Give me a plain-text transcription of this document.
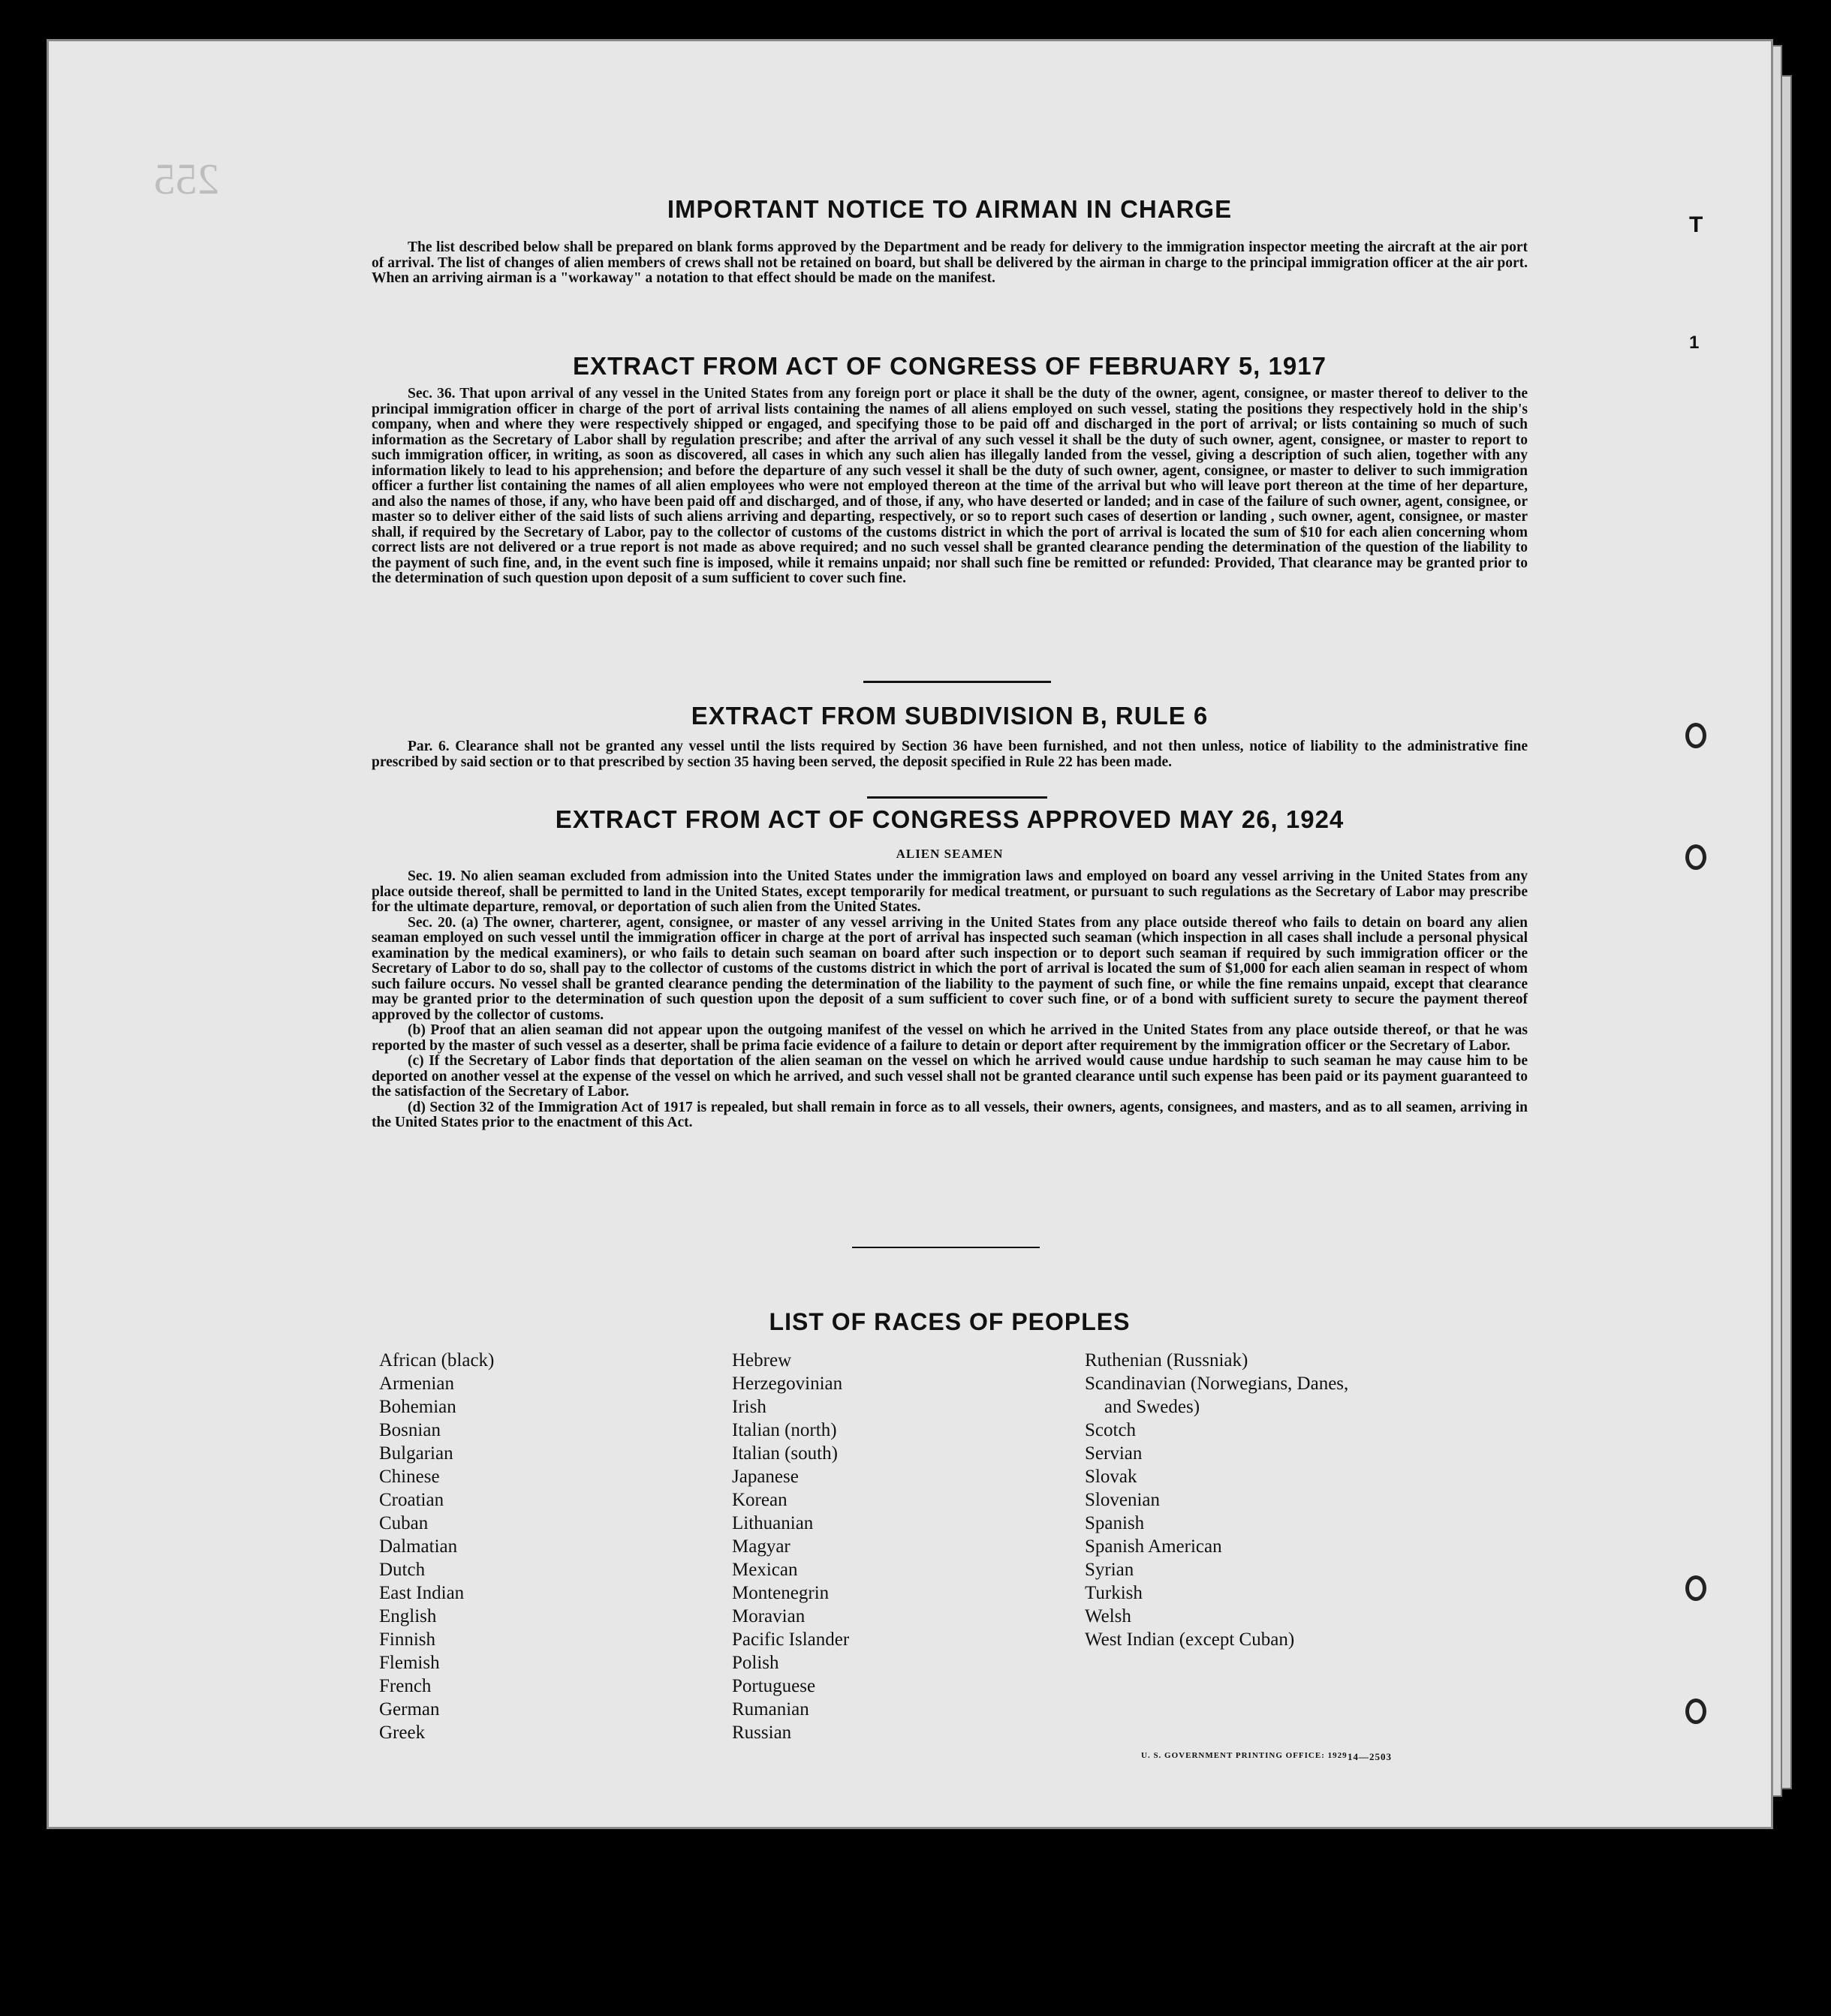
255
IMPORTANT NOTICE TO AIRMAN IN CHARGE

The list described below shall be prepared on blank forms approved by the Department and be ready for delivery to the immigration inspector meeting the aircraft at the air port of arrival. The list of changes of alien members of crews shall not be retained on board, but shall be delivered by the airman in charge to the principal immigration officer at the air port. When an arriving airman is a "workaway" a notation to that effect should be made on the manifest.

EXTRACT FROM ACT OF CONGRESS OF FEBRUARY 5, 1917

Sec. 36. That upon arrival of any vessel in the United States from any foreign port or place it shall be the duty of the owner, agent, consignee, or master thereof to deliver to the principal immigration officer in charge of the port of arrival lists containing the names of all aliens employed on such vessel, stating the positions they respectively hold in the ship's company, when and where they were respectively shipped or engaged, and specifying those to be paid off and discharged in the port of arrival; or lists containing so much of such information as the Secretary of Labor shall by regulation prescribe; and after the arrival of any such vessel it shall be the duty of such owner, agent, consignee, or master to report to such immigration officer, in writing, as soon as discovered, all cases in which any such alien has illegally landed from the vessel, giving a description of such alien, together with any information likely to lead to his apprehension; and before the departure of any such vessel it shall be the duty of such owner, agent, consignee, or master to deliver to such immigration officer a further list containing the names of all alien employees who were not employed thereon at the time of the arrival but who will leave port thereon at the time of her departure, and also the names of those, if any, who have been paid off and discharged, and of those, if any, who have deserted or landed; and in case of the failure of such owner, agent, consignee, or master so to deliver either of the said lists of such aliens arriving and departing, respectively, or so to report such cases of desertion or landing , such owner, agent, consignee, or master shall, if required by the Secretary of Labor, pay to the collector of customs of the customs district in which the port of arrival is located the sum of $10 for each alien concerning whom correct lists are not delivered or a true report is not made as above required; and no such vessel shall be granted clearance pending the determination of the question of the liability to the payment of such fine, and, in the event such fine is imposed, while it remains unpaid; nor shall such fine be remitted or refunded: Provided, That clearance may be granted prior to the determination of such question upon deposit of a sum sufficient to cover such fine.

EXTRACT FROM SUBDIVISION B, RULE 6

Par. 6. Clearance shall not be granted any vessel until the lists required by Section 36 have been furnished, and not then unless, notice of liability to the administrative fine prescribed by said section or to that prescribed by section 35 having been served, the deposit specified in Rule 22 has been made.

EXTRACT FROM ACT OF CONGRESS APPROVED MAY 26, 1924
ALIEN SEAMEN

Sec. 19. No alien seaman excluded from admission into the United States under the immigration laws and employed on board any vessel arriving in the United States from any place outside thereof, shall be permitted to land in the United States, except temporarily for medical treatment, or pursuant to such regulations as the Secretary of Labor may prescribe for the ultimate departure, removal, or deportation of such alien from the United States.

Sec. 20. (a) The owner, charterer, agent, consignee, or master of any vessel arriving in the United States from any place outside thereof who fails to detain on board any alien seaman employed on such vessel until the immigration officer in charge at the port of arrival has inspected such seaman (which inspection in all cases shall include a personal physical examination by the medical examiners), or who fails to detain such seaman on board after such inspection or to deport such seaman if required by such immigration officer or the Secretary of Labor to do so, shall pay to the collector of customs of the customs district in which the port of arrival is located the sum of $1,000 for each alien seaman in respect of whom such failure occurs. No vessel shall be granted clearance pending the determination of the liability to the payment of such fine, or while the fine remains unpaid, except that clearance may be granted prior to the determination of such question upon the deposit of a sum sufficient to cover such fine, or of a bond with sufficient surety to secure the payment thereof approved by the collector of customs.

(b) Proof that an alien seaman did not appear upon the outgoing manifest of the vessel on which he arrived in the United States from any place outside thereof, or that he was reported by the master of such vessel as a deserter, shall be prima facie evidence of a failure to detain or deport after requirement by the immigration officer or the Secretary of Labor.

(c) If the Secretary of Labor finds that deportation of the alien seaman on the vessel on which he arrived would cause undue hardship to such seaman he may cause him to be deported on another vessel at the expense of the vessel on which he arrived, and such vessel shall not be granted clearance until such expense has been paid or its payment guaranteed to the satisfaction of the Secretary of Labor.

(d) Section 32 of the Immigration Act of 1917 is repealed, but shall remain in force as to all vessels, their owners, agents, consignees, and masters, and as to all seamen, arriving in the United States prior to the enactment of this Act.

LIST OF RACES OF PEOPLES
African (black)
Armenian
Bohemian
Bosnian
Bulgarian
Chinese
Croatian
Cuban
Dalmatian
Dutch
East Indian
English
Finnish
Flemish
French
German
Greek
Hebrew
Herzegovinian
Irish
Italian (north)
Italian (south)
Japanese
Korean
Lithuanian
Magyar
Mexican
Montenegrin
Moravian
Pacific Islander
Polish
Portuguese
Rumanian
Russian
Ruthenian (Russniak)
Scandinavian (Norwegians, Danes,
and Swedes)
Scotch
Servian
Slovak
Slovenian
Spanish
Spanish American
Syrian
Turkish
Welsh
West Indian (except Cuban)
U. S. GOVERNMENT PRINTING OFFICE: 1929 14—2503
T
1
